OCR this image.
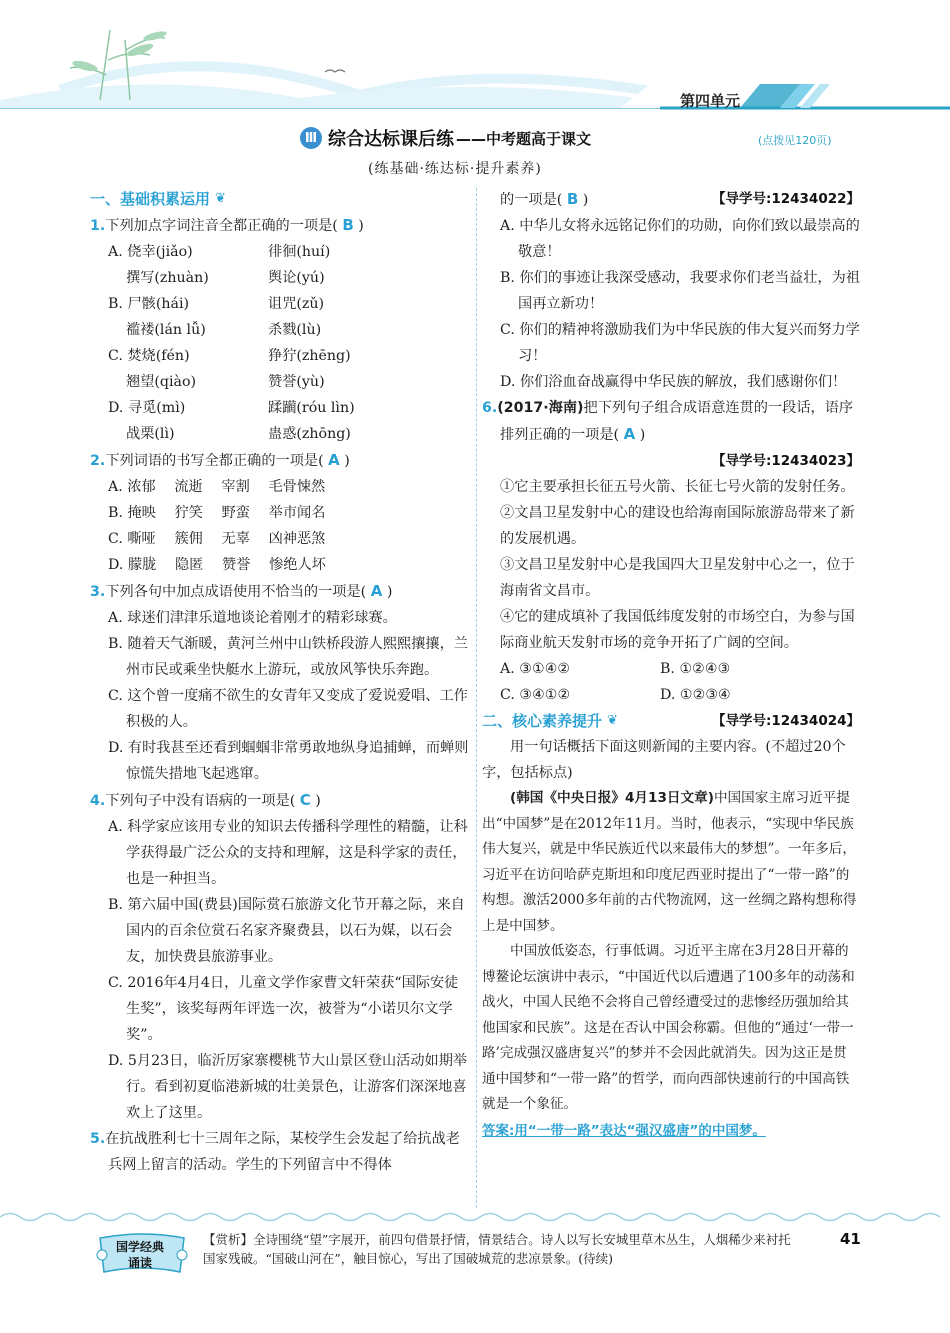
第四单元
Ⅲ 综合达标课后练 ——中考题高于课文	(点拨见120页)
(练基础·练达标·提升素养)
一、基础积累运用 ❦

1.下列加点字词注音全都正确的一项是( B )

A. 侥幸(jiǎo)	徘徊(huí)
撰写(zhuàn)	舆论(yú)
B. 尸骸(hái)	诅咒(zǔ)
褴褛(lán lǚ)	杀戮(lù)
C. 焚烧(fén)	狰狞(zhēng)
翘望(qiào)	赞誉(yù)
D. 寻觅(mì)	蹂躏(róu lìn)
战栗(lì)	蛊惑(zhōng)

2.下列词语的书写全都正确的一项是( A )

A. 浓郁　 流逝　 宰割　 毛骨悚然
B. 掩映　 狞笑　 野蛮　 举市闻名
C. 嘶哑　 簇佣　 无辜　 凶神恶煞
D. 朦胧　 隐匿　 赞誉　 惨绝人坏

3.下列各句中加点成语使用不恰当的一项是( A )

A. 球迷们津津乐道地谈论着刚才的精彩球赛。
B. 随着天气渐暖，黄河兰州中山铁桥段游人熙熙攘攘，兰州市民或乘坐快艇水上游玩，或放风筝快乐奔跑。
C. 这个曾一度痛不欲生的女青年又变成了爱说爱唱、工作积极的人。
D. 有时我甚至还看到蝈蝈非常勇敢地纵身追捕蝉，而蝉则惊慌失措地飞起逃窜。

4.下列句子中没有语病的一项是( C )

A. 科学家应该用专业的知识去传播科学理性的精髓，让科学获得最广泛公众的支持和理解，这是科学家的责任，也是一种担当。
B. 第六届中国(费县)国际赏石旅游文化节开幕之际，来自国内的百余位赏石名家齐聚费县，以石为媒，以石会友，加快费县旅游事业。
C. 2016年4月4日，儿童文学作家曹文轩荣获“国际安徒生奖”，该奖每两年评选一次，被誉为“小诺贝尔文学奖”。
D. 5月23日，临沂厉家寨樱桃节大山景区登山活动如期举行。看到初夏临港新城的壮美景色，让游客们深深地喜欢上了这里。

5.在抗战胜利七十三周年之际，某校学生会发起了给抗战老兵网上留言的活动。学生的下列留言中不得体

的一项是( B )	【导学号:12434022】
A. 中华儿女将永远铭记你们的功勋，向你们致以最崇高的敬意！
B. 你们的事迹让我深受感动，我要求你们老当益壮，为祖国再立新功！
C. 你们的精神将激励我们为中华民族的伟大复兴而努力学习！
D. 你们浴血奋战赢得中华民族的解放，我们感谢你们！

6.(2017·海南)把下列句子组合成语意连贯的一段话，语序排列正确的一项是( A )

【导学号:12434023】
①它主要承担长征五号火箭、长征七号火箭的发射任务。
②文昌卫星发射中心的建设也给海南国际旅游岛带来了新的发展机遇。
③文昌卫星发射中心是我国四大卫星发射中心之一，位于海南省文昌市。
④它的建成填补了我国低纬度发射的市场空白，为参与国际商业航天发射市场的竞争开拓了广阔的空间。
A. ③①④②	B. ①②④③
C. ③④①②	D. ①②③④
二、核心素养提升 ❦	【导学号:12434024】
用一句话概括下面这则新闻的主要内容。(不超过20个字，包括标点)
(韩国《中央日报》4月13日文章)中国国家主席习近平提出“中国梦”是在2012年11月。当时，他表示，“实现中华民族伟大复兴，就是中华民族近代以来最伟大的梦想”。一年多后，习近平在访问哈萨克斯坦和印度尼西亚时提出了“一带一路”的构想。激活2000多年前的古代物流网，这一丝绸之路构想称得上是中国梦。
中国放低姿态，行事低调。习近平主席在3月28日开幕的博鳌论坛演讲中表示，“中国近代以后遭遇了100多年的动荡和战火，中国人民绝不会将自己曾经遭受过的悲惨经历强加给其他国家和民族”。这是在否认中国会称霸。但他的“通过‘一带一路’完成强汉盛唐复兴”的梦并不会因此就消失。因为这正是贯通中国梦和“一带一路”的哲学，而向西部快速前行的中国高铁就是一个象征。
答案:用“一带一路”表达“强汉盛唐”的中国梦。
国学经典
诵读
【赏析】全诗围绕“望”字展开，前四句借景抒情，情景结合。诗人以写长安城里草木丛生，人烟稀少来衬托国家残破。“国破山河在”，触目惊心，写出了国破城荒的悲凉景象。(待续)
41
